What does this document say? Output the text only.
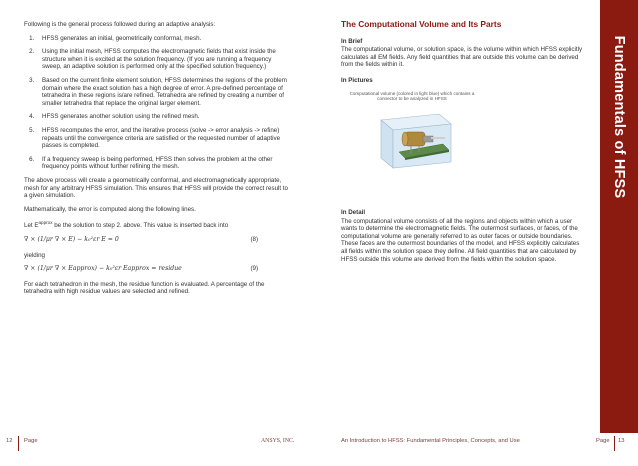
Following is the general process followed during an adaptive analysis:

1. HFSS generates an initial, geometrically conformal, mesh.
2. Using the initial mesh, HFSS computes the electromagnetic fields that exist inside the structure when it is excited at the solution frequency. (If you are running a frequency sweep, an adaptive solution is performed only at the specified solution frequency.)
3. Based on the current finite element solution, HFSS determines the regions of the problem domain where the exact solution has a high degree of error. A pre-defined percentage of tetrahedra in these regions is/are refined. Tetrahedra are refined by creating a number of smaller tetrahedra that replace the original larger element.
4. HFSS generates another solution using the refined mesh.
5. HFSS recomputes the error, and the iterative process (solve -> error analysis -> refine) repeats until the convergence criteria are satisfied or the requested number of adaptive passes is completed.
6. If a frequency sweep is being performed, HFSS then solves the problem at the other frequency points without further refining the mesh.

The above process will create a geometrically conformal, and electromagnetically appropriate, mesh for any arbitrary HFSS simulation. This ensures that HFSS will provide the correct result to a given simulation.

Mathematically, the error is computed along the following lines.

Let $E^{approx}$ be the solution to step 2. above. This value is inserted back into

∇ × (1/μr ∇ × E) − k₀²εr E = 0	(8)

yielding

∇ × (1/μr ∇ × Eapprox) − k₀²εr Eapprox = residue	(9)

For each tetrahedron in the mesh, the residue function is evaluated. A percentage of the tetrahedra with high residue values are selected and refined.

The Computational Volume and Its Parts
In Brief

The computational volume, or solution space, is the volume within which HFSS explicitly calculates all EM fields. Any field quantities that are outside this volume can be derived from the fields within it.

In Pictures
Computational volume (colored in light blue) which contains a connector to be analyzed in HFSS
In Detail

The computational volume consists of all the regions and objects within which a user wants to determine the electromagnetic fields. The outermost surfaces, or faces, of the computational volume are generally referred to as outer faces or outside boundaries. These faces are the outermost boundaries of the model, and HFSS explicitly calculates all fields within the solution space they define. All field quantities that are calculated by HFSS outside this volume are derived from the fields within the solution space.

Fundamentals of HFSS
12 Page	ANSYS, INC.	An Introduction to HFSS: Fundamental Principles, Concepts, and Use	Page 13
